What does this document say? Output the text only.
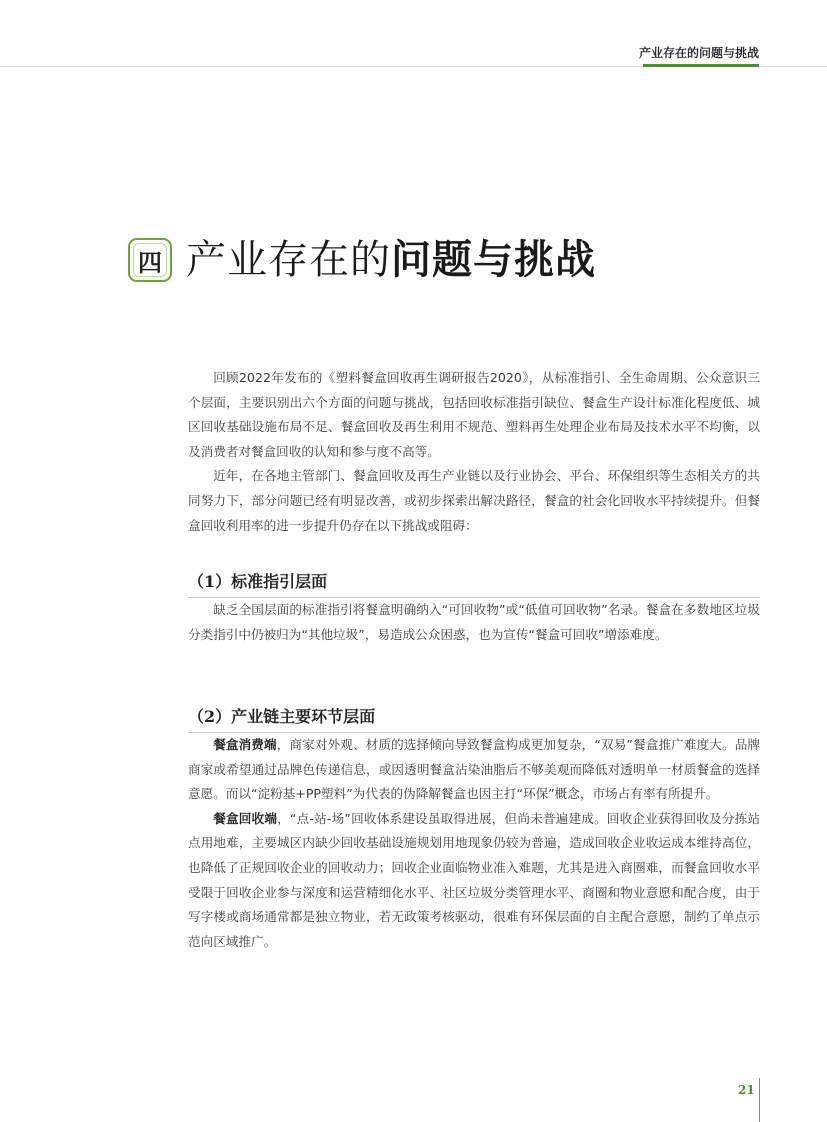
产业存在的问题与挑战
四 产业存在的问题与挑战

回顾2022年发布的《塑料餐盒回收再生调研报告2020》，从标准指引、全生命周期、公众意识三个层面，主要识别出六个方面的问题与挑战，包括回收标准指引缺位、餐盒生产设计标准化程度低、城区回收基础设施布局不足、餐盒回收及再生利用不规范、塑料再生处理企业布局及技术水平不均衡，以及消费者对餐盒回收的认知和参与度不高等。

近年，在各地主管部门、餐盒回收及再生产业链以及行业协会、平台、环保组织等生态相关方的共同努力下，部分问题已经有明显改善，或初步探索出解决路径，餐盒的社会化回收水平持续提升。但餐盒回收利用率的进一步提升仍存在以下挑战或阻碍：

（1）标准指引层面

缺乏全国层面的标准指引将餐盒明确纳入“可回收物”或“低值可回收物”名录。餐盒在多数地区垃圾分类指引中仍被归为“其他垃圾”，易造成公众困惑，也为宣传“餐盒可回收”增添难度。

（2）产业链主要环节层面

餐盒消费端，商家对外观、材质的选择倾向导致餐盒构成更加复杂，“双易”餐盒推广难度大。品牌商家或希望通过品牌色传递信息，或因透明餐盒沾染油脂后不够美观而降低对透明单一材质餐盒的选择意愿。而以“淀粉基+PP塑料”为代表的伪降解餐盒也因主打“环保”概念，市场占有率有所提升。

餐盒回收端，“点-站-场”回收体系建设虽取得进展，但尚未普遍建成。回收企业获得回收及分拣站点用地难，主要城区内缺少回收基础设施规划用地现象仍较为普遍，造成回收企业收运成本维持高位，也降低了正规回收企业的回收动力；回收企业面临物业准入难题，尤其是进入商圈难，而餐盒回收水平受限于回收企业参与深度和运营精细化水平、社区垃圾分类管理水平、商圈和物业意愿和配合度，由于写字楼或商场通常都是独立物业，若无政策考核驱动，很难有环保层面的自主配合意愿，制约了单点示范向区域推广。

21
